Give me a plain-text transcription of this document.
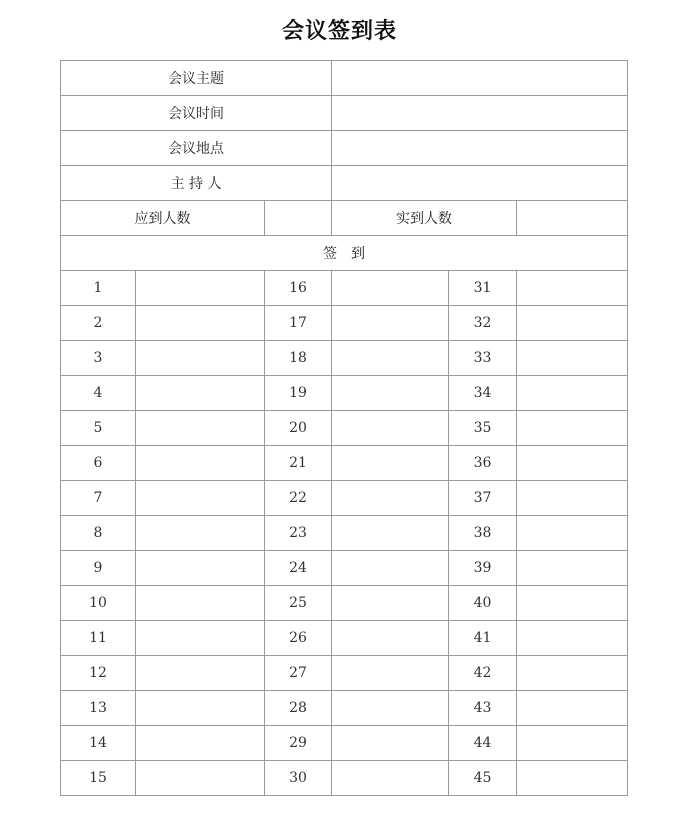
会议签到表
会议主题					
会议时间					
会议地点					
主 持 人					
应到人数			实到人数		
签　到					
1		16		31	
2		17		32	
3		18		33	
4		19		34	
5		20		35	
6		21		36	
7		22		37	
8		23		38	
9		24		39	
10		25		40	
11		26		41	
12		27		42	
13		28		43	
14		29		44	
15		30		45	
